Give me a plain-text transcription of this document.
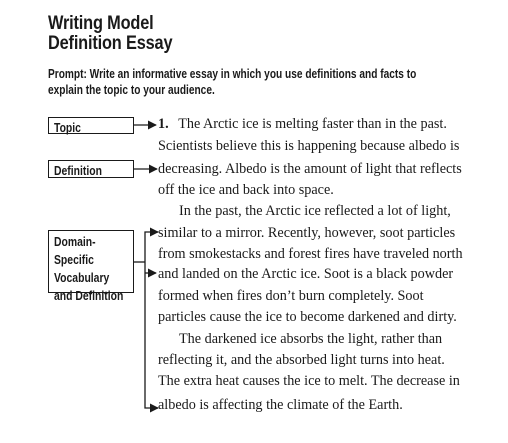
Writing Model
Definition Essay
Prompt: Write an informative essay in which you use definitions and facts to
explain the topic to your audience.
Topic
Definition
Domain-
Specific
Vocabulary
and Definition
1. The Arctic ice is melting faster than in the past.
Scientists believe this is happening because albedo is
decreasing. Albedo is the amount of light that reflects
off the ice and back into space.
In the past, the Arctic ice reflected a lot of light,
similar to a mirror. Recently, however, soot particles
from smokestacks and forest fires have traveled north
and landed on the Arctic ice. Soot is a black powder
formed when fires don’t burn completely. Soot
particles cause the ice to become darkened and dirty.
The darkened ice absorbs the light, rather than
reflecting it, and the absorbed light turns into heat.
The extra heat causes the ice to melt. The decrease in
albedo is affecting the climate of the Earth.
